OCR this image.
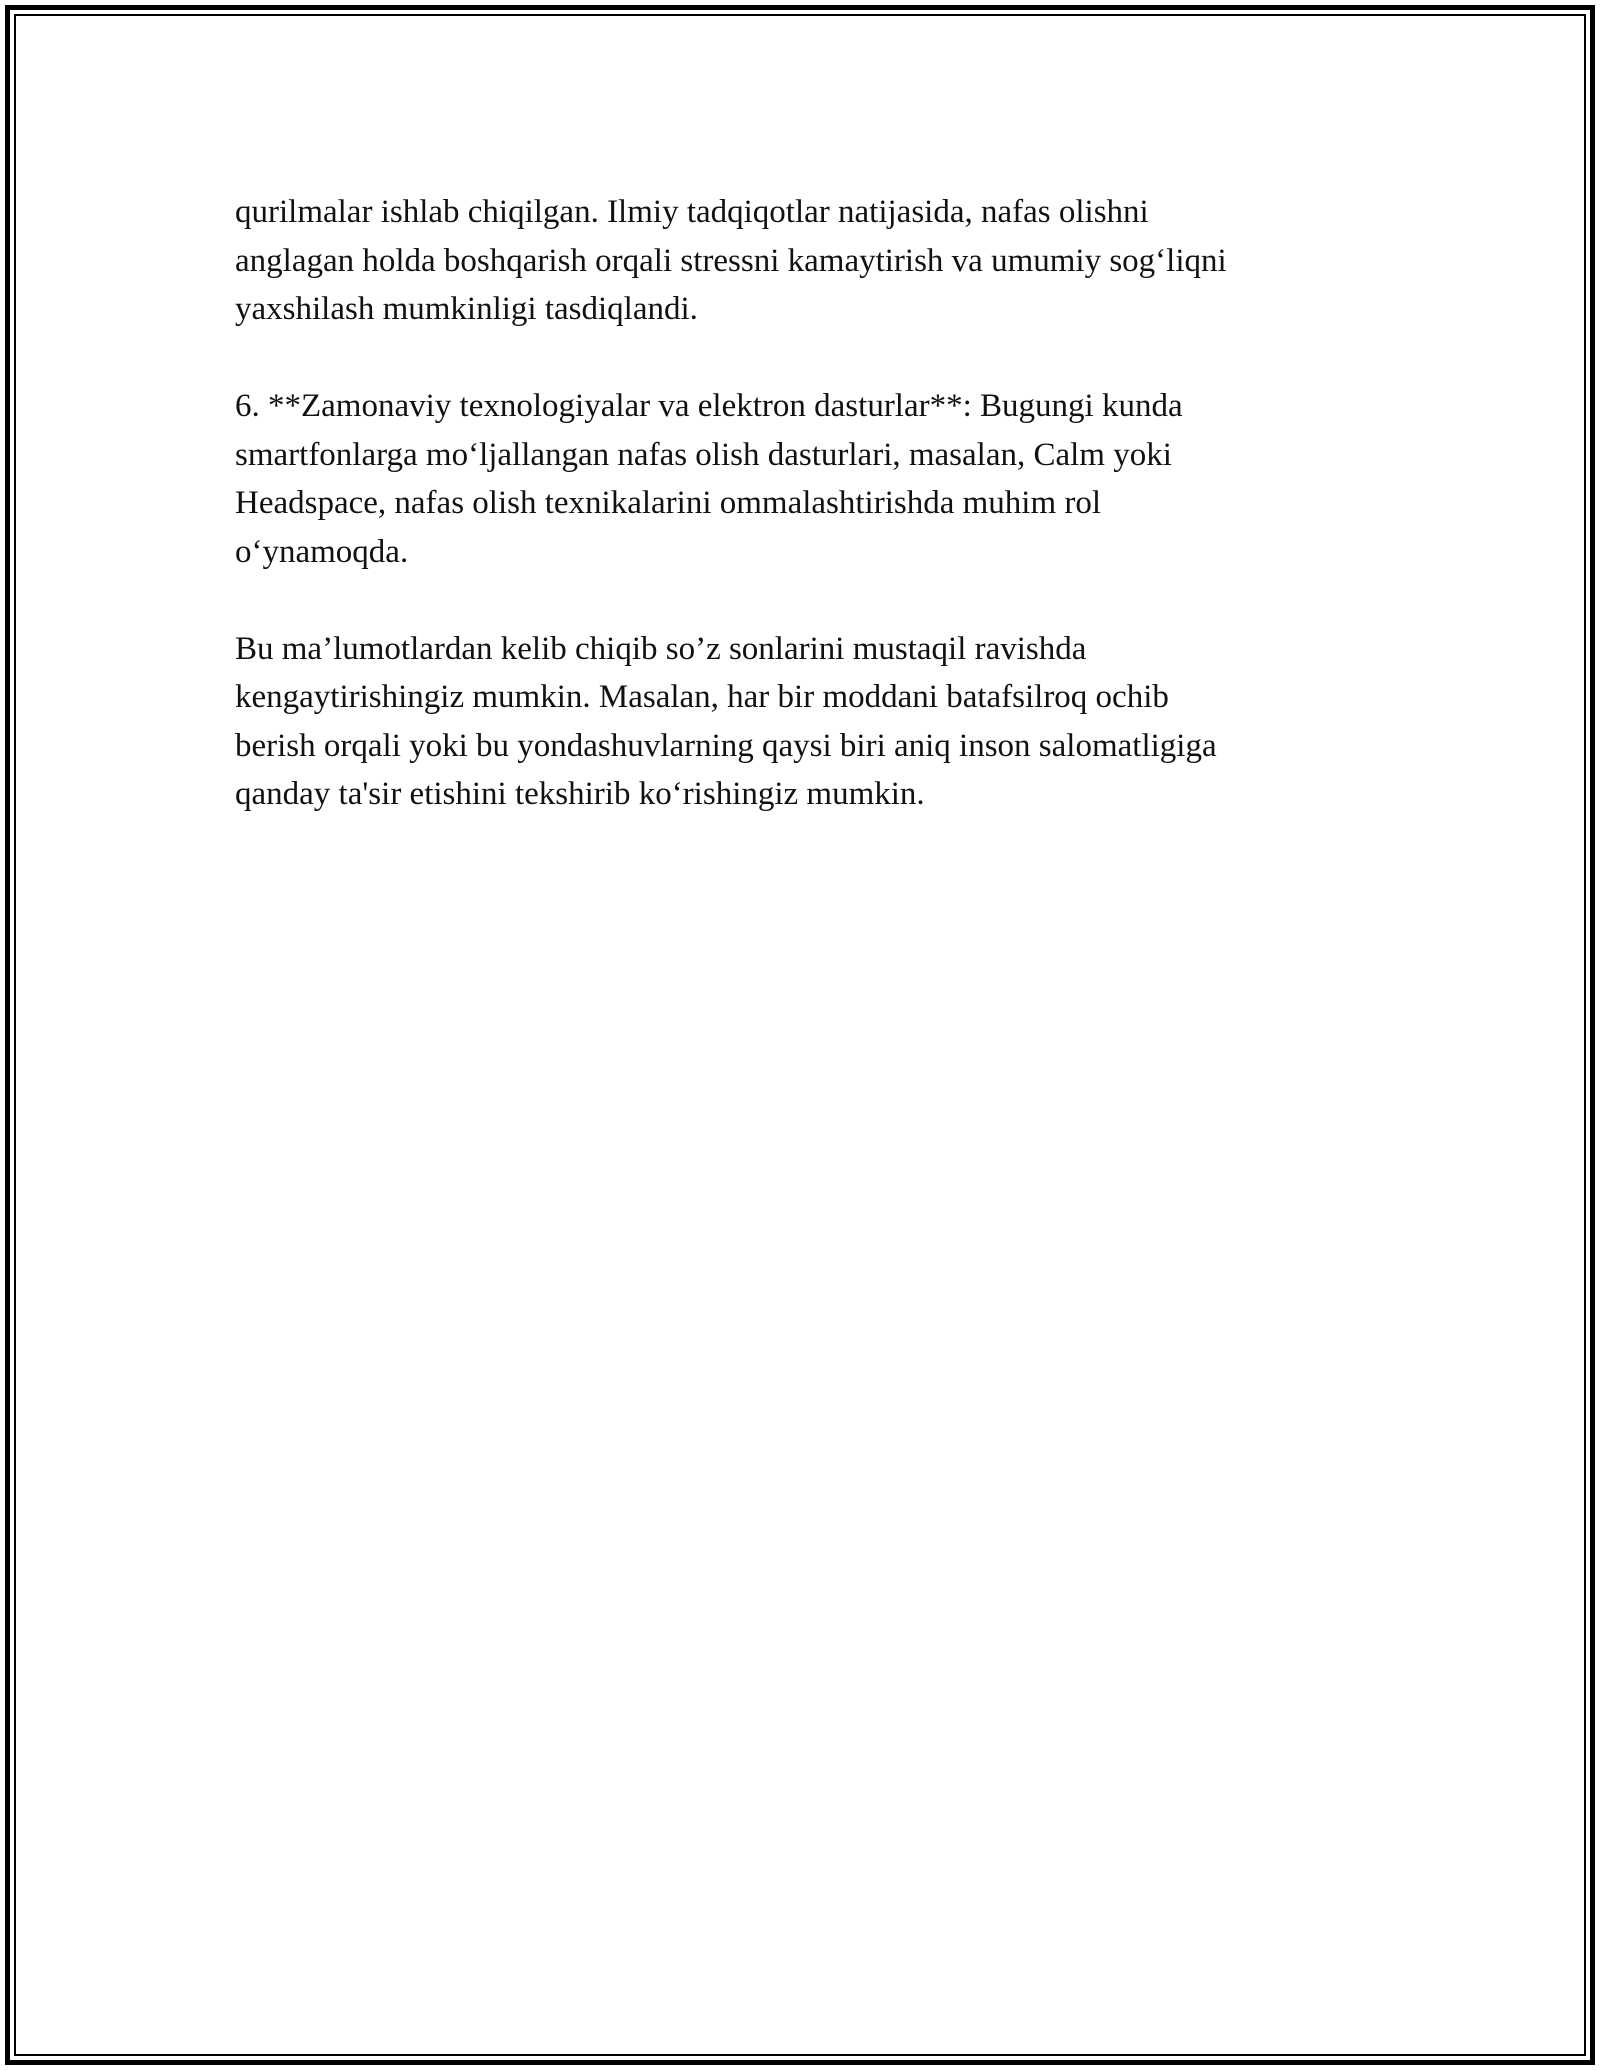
qurilmalar ishlab chiqilgan. Ilmiy tadqiqotlar natijasida, nafas olishni
anglagan holda boshqarish orqali stressni kamaytirish va umumiy sog‘liqni
yaxshilash mumkinligi tasdiqlandi.

6. **Zamonaviy texnologiyalar va elektron dasturlar**: Bugungi kunda
smartfonlarga mo‘ljallangan nafas olish dasturlari, masalan, Calm yoki
Headspace, nafas olish texnikalarini ommalashtirishda muhim rol
o‘ynamoqda.

Bu ma’lumotlardan kelib chiqib so’z sonlarini mustaqil ravishda
kengaytirishingiz mumkin. Masalan, har bir moddani batafsilroq ochib
berish orqali yoki bu yondashuvlarning qaysi biri aniq inson salomatligiga
qanday ta'sir etishini tekshirib ko‘rishingiz mumkin.
